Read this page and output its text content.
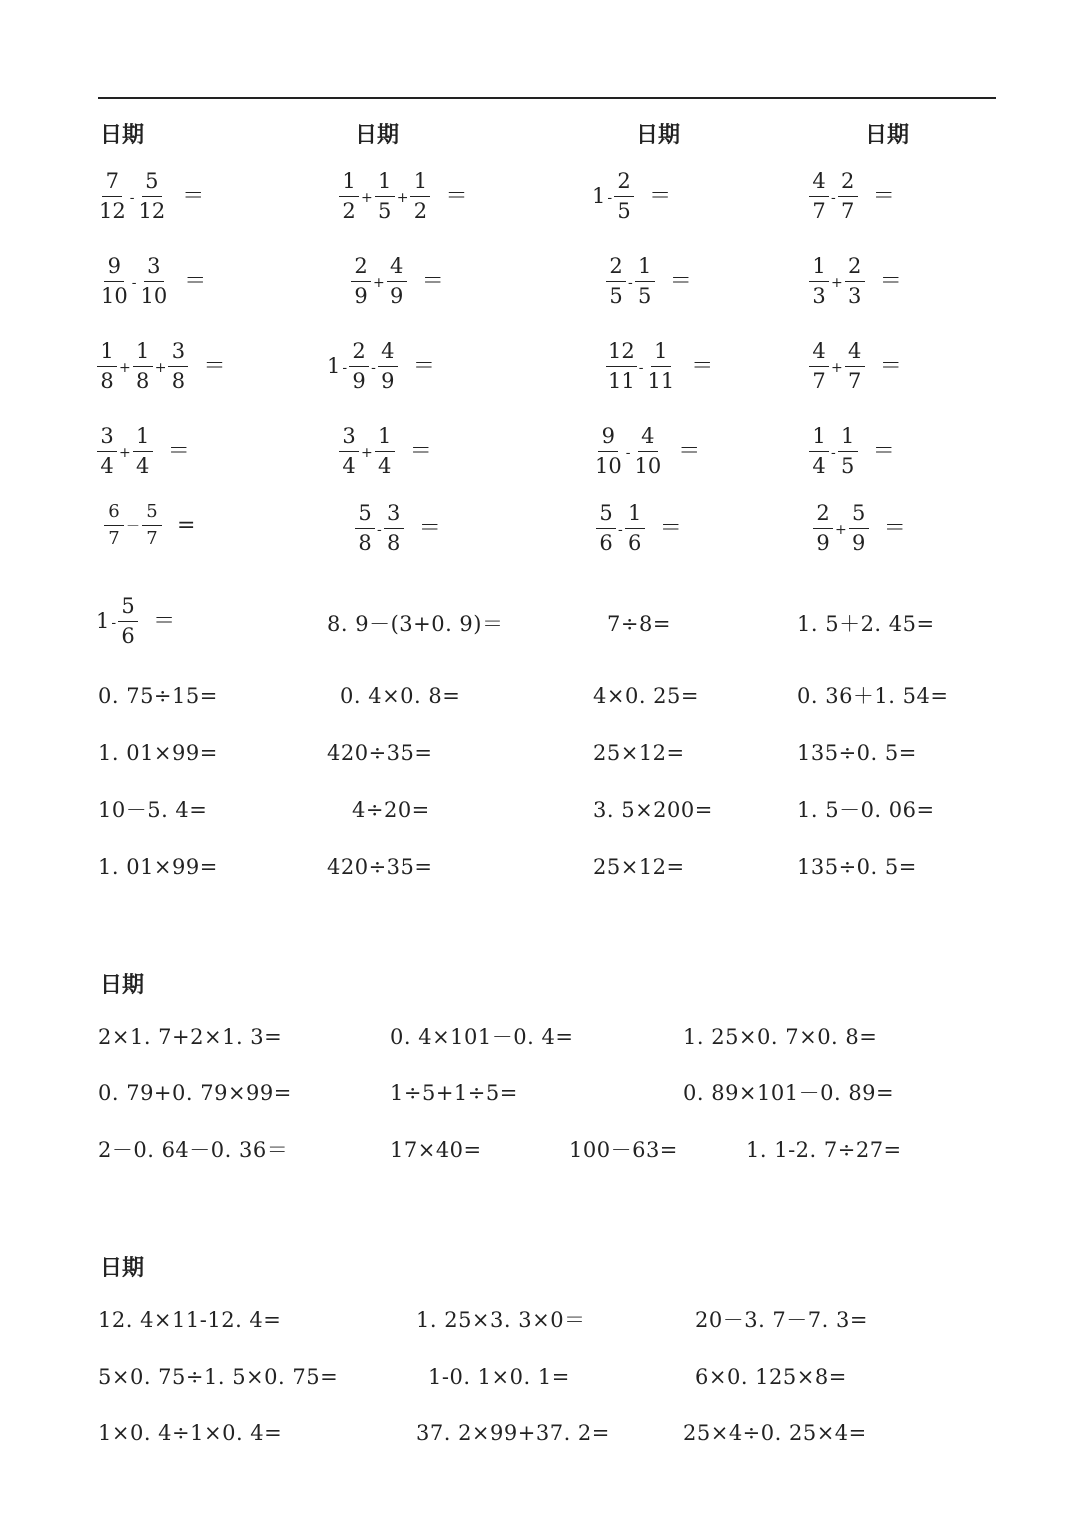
日期	日期	日期	日期
$\frac{7}{12} - \frac{5}{12}$ ＝	$\frac{1}{2} + \frac{1}{5} + \frac{1}{2}$ ＝	$1 - \frac{2}{5}$ ＝	$\frac{4}{7} - \frac{2}{7}$ ＝
$\frac{9}{10} - \frac{3}{10}$ ＝	$\frac{2}{9} + \frac{4}{9}$ ＝	$\frac{2}{5} - \frac{1}{5}$ ＝	$\frac{1}{3} + \frac{2}{3}$ ＝
$\frac{1}{8} + \frac{1}{8} + \frac{3}{8}$ ＝	$1 - \frac{2}{9} - \frac{4}{9}$ ＝	$\frac{12}{11} - \frac{1}{11}$ ＝	$\frac{4}{7} + \frac{4}{7}$ ＝
$\frac{3}{4} + \frac{1}{4}$ ＝	$\frac{3}{4} + \frac{1}{4}$ ＝	$\frac{9}{10} - \frac{4}{10}$ ＝	$\frac{1}{4} - \frac{1}{5}$ ＝
$\frac{6}{7} - \frac{5}{7}$ =	$\frac{5}{8} - \frac{3}{8}$ ＝	$\frac{5}{6} - \frac{1}{6}$ ＝	$\frac{2}{9} + \frac{5}{9}$ ＝
$1 - \frac{5}{6}$ ＝	8. 9－(3+0. 9)＝	7÷8=	1. 5＋2. 45=
0. 75÷15=	0. 4×0. 8=	4×0. 25=	0. 36＋1. 54=
1. 01×99=	420÷35=	25×12=	135÷0. 5=
10－5. 4=	4÷20=	3. 5×200=	1. 5－0. 06=
1. 01×99=	420÷35=	25×12=	135÷0. 5=
日期
2×1. 7+2×1. 3=	0. 4×101－0. 4=	1. 25×0. 7×0. 8=
0. 79+0. 79×99=	1÷5+1÷5=	0. 89×101－0. 89=
2－0. 64－0. 36＝	17×40=	100－63=	1. 1-2. 7÷27=
日期
12. 4×11-12. 4=	1. 25×3. 3×0＝	20－3. 7－7. 3=
5×0. 75÷1. 5×0. 75=	1-0. 1×0. 1=	6×0. 125×8=
1×0. 4÷1×0. 4=	37. 2×99+37. 2=	25×4÷0. 25×4=
